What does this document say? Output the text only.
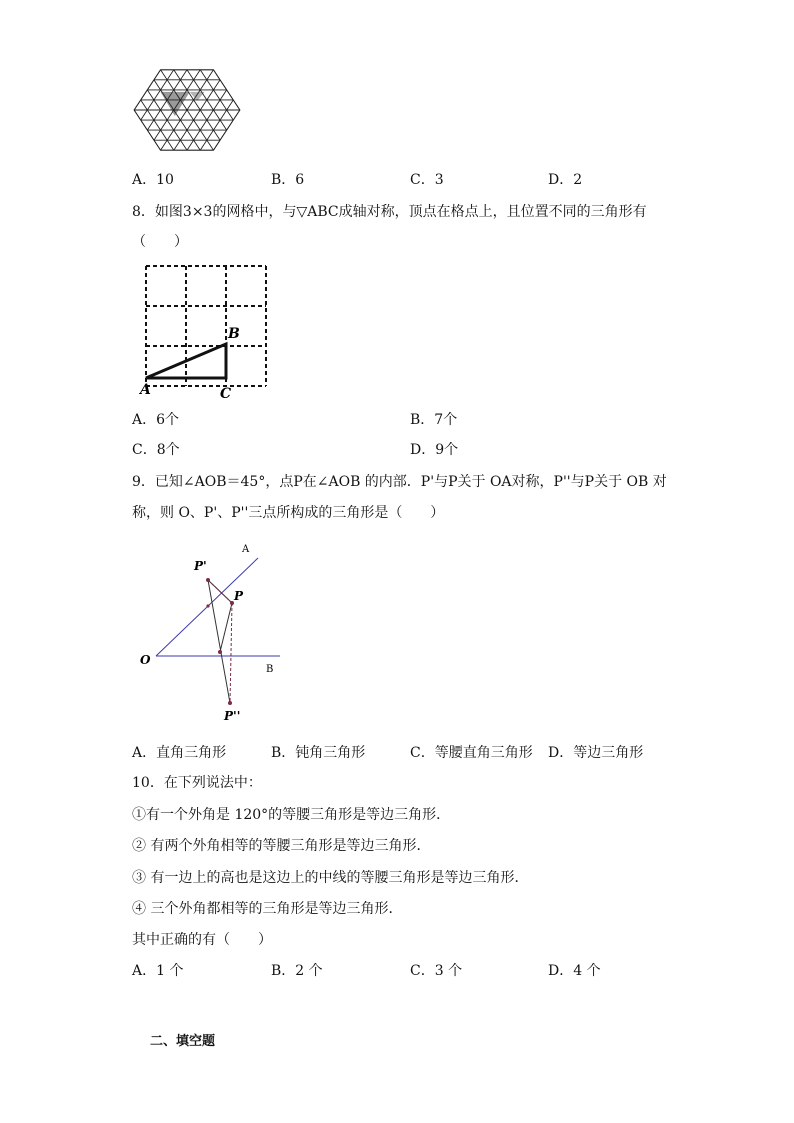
A．10	B．6	C．3	D．2
8．如图3×3的网格中，与▽ABC成轴对称，顶点在格点上，且位置不同的三角形有
（　　）
A
B
C
A．6个	B．7个
C．8个	D．9个
9．已知∠AOB＝45°，点P在∠AOB 的内部．P'与P关于 OA对称，P''与P关于 OB 对
称，则 O、P'、P''三点所构成的三角形是（　　）
A
B
O
P
P'
P''
A．直角三角形	B．钝角三角形	C．等腰直角三角形 D．等边三角形
10．在下列说法中：
①有一个外角是 120°的等腰三角形是等边三角形．
② 有两个外角相等的等腰三角形是等边三角形．
③ 有一边上的高也是这边上的中线的等腰三角形是等边三角形．
④ 三个外角都相等的三角形是等边三角形．
其中正确的有（　　）
A．1 个	B．2 个	C．3 个	D．4 个
二、填空题
